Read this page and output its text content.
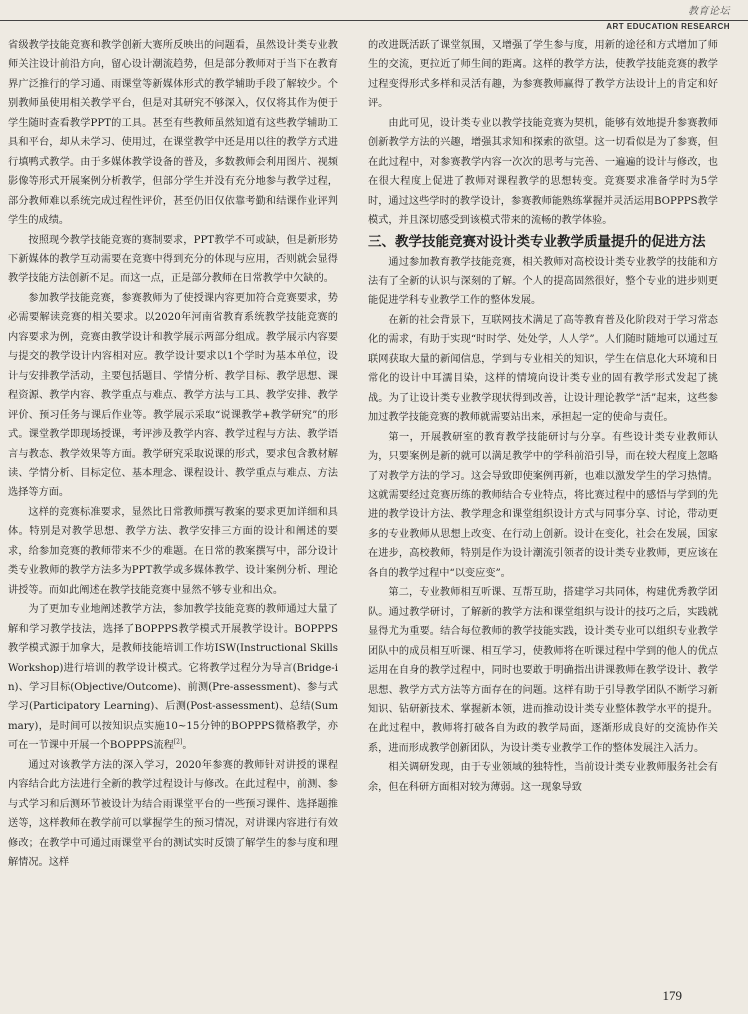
教育论坛
ART EDUCATION RESEARCH

省级教学技能竞赛和教学创新大赛所反映出的问题看，虽然设计类专业教师关注设计前沿方向，留心设计潮流趋势，但是部分教师对于当下在教育界广泛推行的学习通、雨课堂等新媒体形式的教学辅助手段了解较少。个别教师虽使用相关教学平台，但是对其研究不够深入，仅仅将其作为便于学生随时查看教学PPT的工具。甚至有些教师虽然知道有这些教学辅助工具和平台，却从未学习、使用过，在课堂教学中还是用以往的教学方式进行填鸭式教学。由于多媒体教学设备的普及，多数教师会利用图片、视频影像等形式开展案例分析教学，但部分学生并没有充分地参与教学过程，部分教师难以系统完成过程性评价，甚至仍旧仅依靠考勤和结课作业评判学生的成绩。

按照现今教学技能竞赛的赛制要求，PPT教学不可或缺，但是新形势下新媒体的教学互动需要在竞赛中得到充分的体现与应用，否则就会显得教学技能方法创新不足。而这一点，正是部分教师在日常教学中欠缺的。

参加教学技能竞赛，参赛教师为了使授课内容更加符合竞赛要求，势必需要解读竞赛的相关要求。以2020年河南省教育系统教学技能竞赛的内容要求为例，竞赛由教学设计和教学展示两部分组成。教学展示内容要与提交的教学设计内容相对应。教学设计要求以1个学时为基本单位，设计与安排教学活动，主要包括题目、学情分析、教学目标、教学思想、课程资源、教学内容、教学重点与难点、教学方法与工具、教学安排、教学评价、预习任务与课后作业等。教学展示采取“说课教学+教学研究”的形式。课堂教学即现场授课，考评涉及教学内容、教学过程与方法、教学语言与教态、教学效果等方面。教学研究采取说课的形式，要求包含教材解读、学情分析、目标定位、基本理念、课程设计、教学重点与难点、方法选择等方面。

这样的竞赛标准要求，显然比日常教师撰写教案的要求更加详细和具体。特别是对教学思想、教学方法、教学安排三方面的设计和阐述的要求，给参加竞赛的教师带来不少的难题。在日常的教案撰写中，部分设计类专业教师的教学方法多为PPT教学或多媒体教学、设计案例分析、理论讲授等。而如此阐述在教学技能竞赛中显然不够专业和出众。

为了更加专业地阐述教学方法，参加教学技能竞赛的教师通过大量了解和学习教学技法，选择了BOPPPS教学模式开展教学设计。BOPPPS教学模式源于加拿大，是教师技能培训工作坊ISW(Instructional Skills Workshop)进行培训的教学设计模式。它将教学过程分为导言(Bridge-in)、学习目标(Objective/Outcome)、前测(Pre-assessment)、参与式学习(Participatory Learning)、后测(Post-assessment)、总结(Summary)，是时间可以按知识点实施10~15分钟的BOPPPS微格教学，亦可在一节课中开展一个BOPPPS流程[2]。

通过对该教学方法的深入学习，2020年参赛的教师针对讲授的课程内容结合此方法进行全新的教学过程设计与修改。在此过程中，前测、参与式学习和后测环节被设计为结合雨课堂平台的一些预习课件、选择题推送等，这样教师在教学前可以掌握学生的预习情况，对讲课内容进行有效修改；在教学中可通过雨课堂平台的测试实时反馈了解学生的参与度和理解情况。这样

的改进既活跃了课堂氛围，又增强了学生参与度，用新的途径和方式增加了师生的交流，更拉近了师生间的距离。这样的教学方法，使教学技能竞赛的教学过程变得形式多样和灵活有趣，为参赛教师赢得了教学方法设计上的肯定和好评。

由此可见，设计类专业以教学技能竞赛为契机，能够有效地提升参赛教师创新教学方法的兴趣，增强其求知和探索的欲望。这一切看似是为了参赛，但在此过程中，对参赛教学内容一次次的思考与完善、一遍遍的设计与修改，也在很大程度上促进了教师对课程教学的思想转变。竞赛要求准备学时为5学时，通过这些学时的教学设计，参赛教师能熟练掌握并灵活运用BOPPPS教学模式，并且深切感受到该模式带来的流畅的教学体验。

三、教学技能竞赛对设计类专业教学质量提升的促进方法

通过参加教育教学技能竞赛，相关教师对高校设计类专业教学的技能和方法有了全新的认识与深刻的了解。个人的提高固然很好，整个专业的进步则更能促进学科专业教学工作的整体发展。

在新的社会背景下，互联网技术满足了高等教育普及化阶段对于学习常态化的需求，有助于实现“时时学、处处学，人人学”。人们随时随地可以通过互联网获取大量的新闻信息，学到与专业相关的知识，学生在信息化大环境和日常化的设计中耳濡目染，这样的情境向设计类专业的固有教学形式发起了挑战。为了让设计类专业教学现状得到改善，让设计理论教学“活”起来，这些参加过教学技能竞赛的教师就需要站出来，承担起一定的使命与责任。

第一，开展教研室的教育教学技能研讨与分享。有些设计类专业教师认为，只要案例是新的就可以满足教学中的学科前沿引导，而在较大程度上忽略了对教学方法的学习。这会导致即使案例再新，也难以激发学生的学习热情。这就需要经过竞赛历练的教师结合专业特点，将比赛过程中的感悟与学到的先进的教学设计方法、教学理念和课堂组织设计方式与同事分享、讨论，带动更多的专业教师从思想上改变、在行动上创新。设计在变化，社会在发展，国家在进步，高校教师，特别是作为设计潮流引领者的设计类专业教师，更应该在各自的教学过程中“以变应变”。

第二，专业教师相互听课、互帮互助，搭建学习共同体，构建优秀教学团队。通过教学研讨，了解新的教学方法和课堂组织与设计的技巧之后，实践就显得尤为重要。结合每位教师的教学技能实践，设计类专业可以组织专业教学团队中的成员相互听课、相互学习，使教师将在听课过程中学到的他人的优点运用在自身的教学过程中，同时也要敢于明确指出讲课教师在教学设计、教学思想、教学方式方法等方面存在的问题。这样有助于引导教学团队不断学习新知识、钻研新技术、掌握新本领，进而推动设计类专业整体教学水平的提升。在此过程中，教师将打破各自为政的教学局面，逐渐形成良好的交流协作关系，进而形成教学创新团队，为设计类专业教学工作的整体发展注入活力。

相关调研发现，由于专业领域的独特性，当前设计类专业教师服务社会有余，但在科研方面相对较为薄弱。这一现象导致

179
